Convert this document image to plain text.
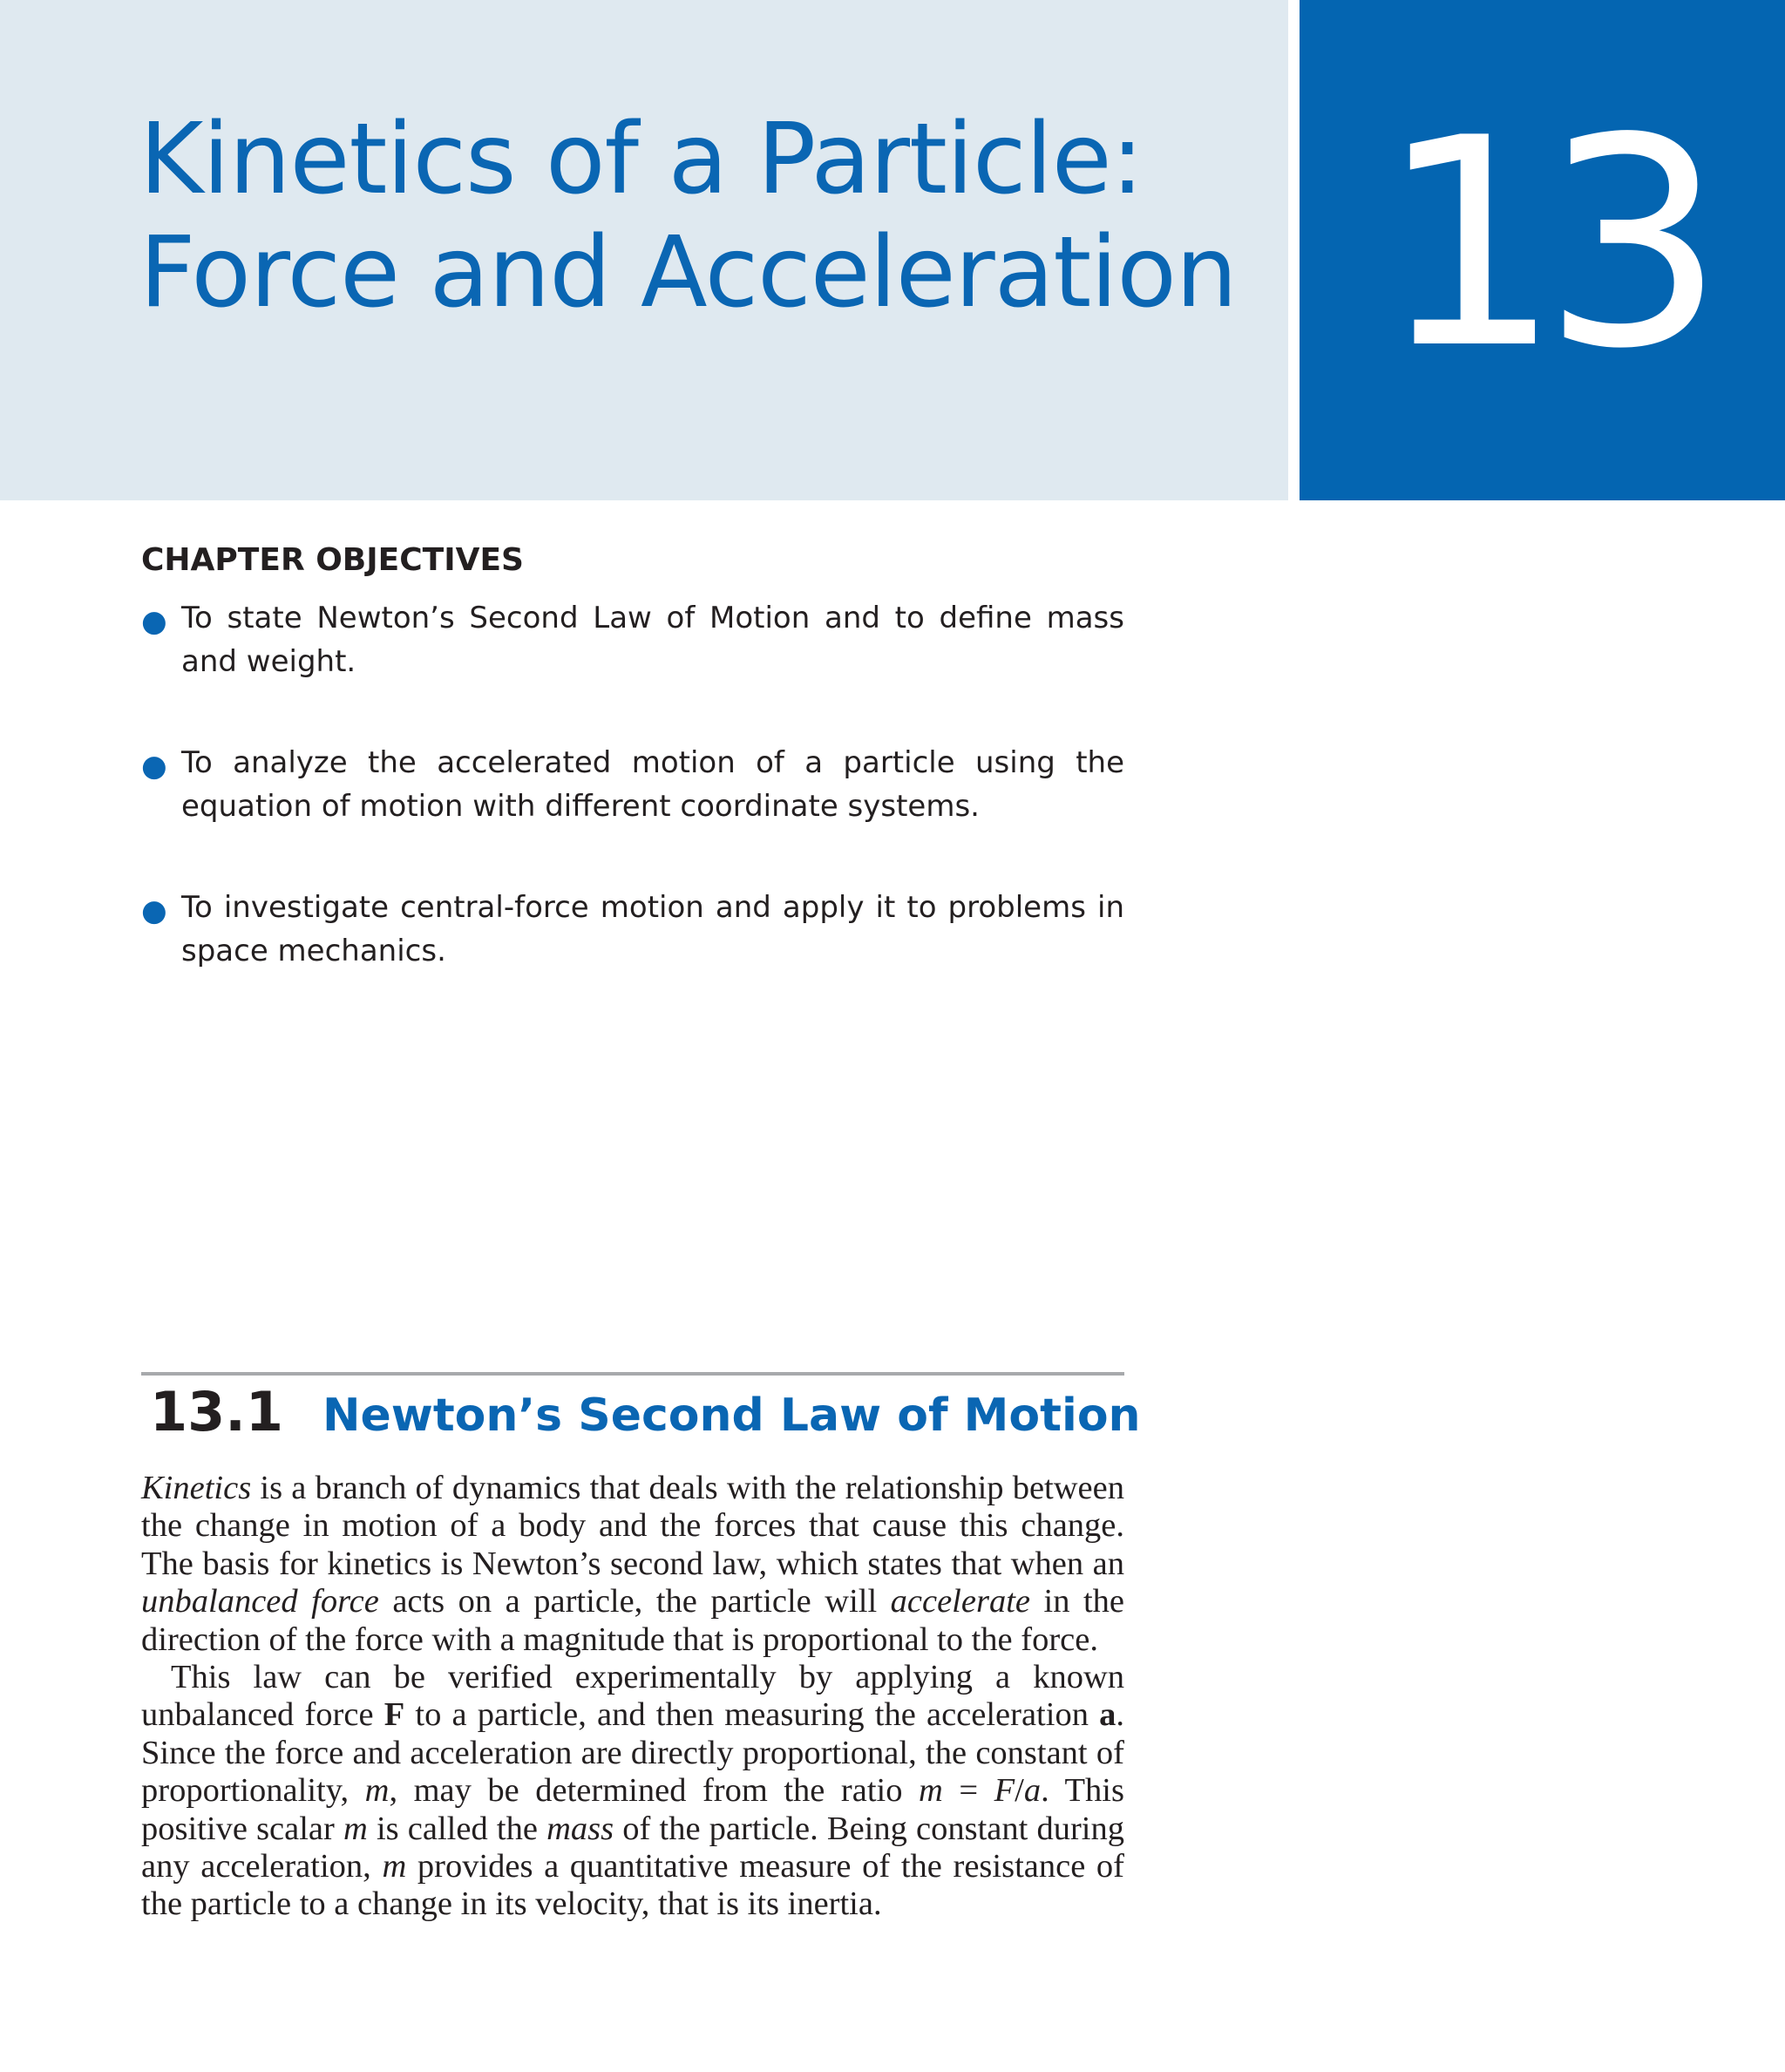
Kinetics of a Particle:
Force and Acceleration 13
CHAPTER OBJECTIVES
● To state Newton’s Second Law of Motion and to define mass and weight.
● To analyze the accelerated motion of a particle using the equation of motion with different coordinate systems.
● To investigate central-force motion and apply it to problems in space mechanics.
13.1 Newton’s Second Law of Motion

Kinetics is a branch of dynamics that deals with the relationship between the change in motion of a body and the forces that cause this change. The basis for kinetics is Newton’s second law, which states that when an unbalanced force acts on a particle, the particle will accelerate in the direction of the force with a magnitude that is proportional to the force.

This law can be verified experimentally by applying a known unbalanced force F to a particle, and then measuring the acceleration a. Since the force and acceleration are directly proportional, the constant of proportionality, m, may be determined from the ratio m = F/a. This positive scalar m is called the mass of the particle. Being constant during any acceleration, m provides a quantitative measure of the resistance of the particle to a change in its velocity, that is its inertia.
